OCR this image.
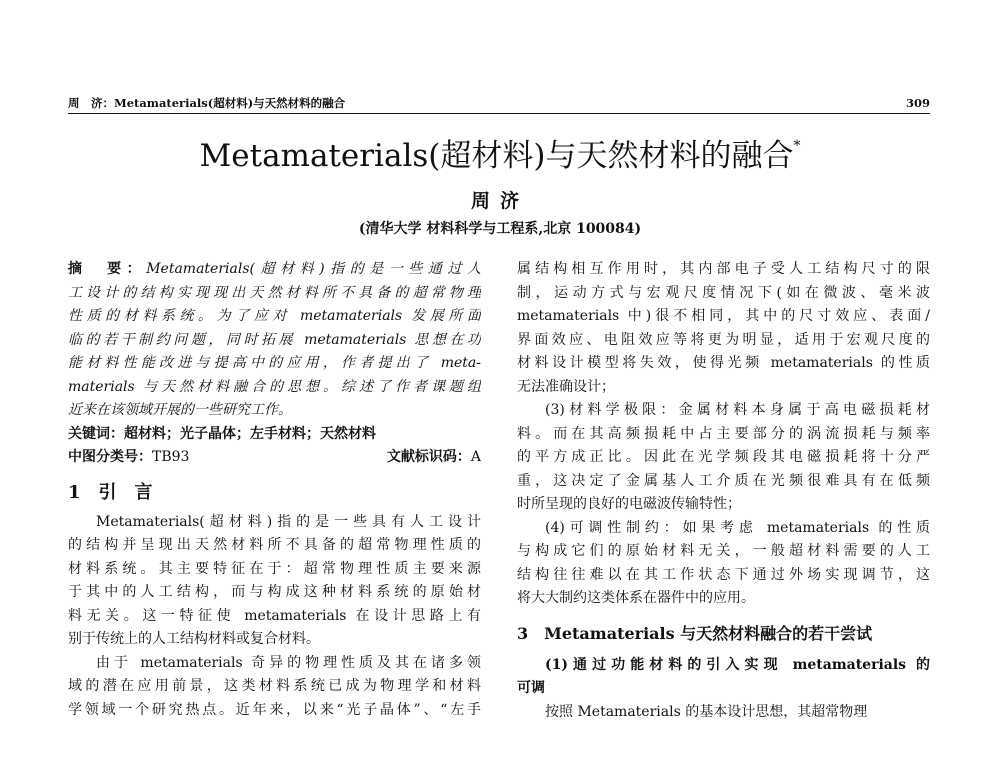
周　济：Metamaterials(超材料)与天然材料的融合	309
Metamaterials(超材料)与天然材料的融合*
周济
(清华大学 材料科学与工程系,北京 100084)
摘　要：Metamaterials(超材料)指的是一些通过人
工设计的结构实现现出天然材料所不具备的超常物理
性质的材料系统。为了应对 metamaterials 发展所面
临的若干制约问题，同时拓展 metamaterials 思想在功
能材料性能改进与提高中的应用，作者提出了 meta-
materials 与天然材料融合的思想。综述了作者课题组
近来在该领域开展的一些研究工作。
关键词：超材料；光子晶体；左手材料；天然材料
中图分类号：TB93	文献标识码：A
1　引　言
Metamaterials(超材料)指的是一些具有人工设计
的结构并呈现出天然材料所不具备的超常物理性质的
材料系统。其主要特征在于：超常物理性质主要来源
于其中的人工结构，而与构成这种材料系统的原始材
料无关。这一特征使 metamaterials 在设计思路上有
别于传统上的人工结构材料或复合材料。
由于 metamaterials 奇异的物理性质及其在诸多领
域的潜在应用前景，这类材料系统已成为物理学和材料
学领域一个研究热点。近年来，以来“光子晶体”、“左手
属结构相互作用时，其内部电子受人工结构尺寸的限
制，运动方式与宏观尺度情况下(如在微波、毫米波
metamaterials 中)很不相同，其中的尺寸效应、表面/
界面效应、电阻效应等将更为明显，适用于宏观尺度的
材料设计模型将失效，使得光频 metamaterials 的性质
无法准确设计；
(3)材料学极限：金属材料本身属于高电磁损耗材
料。而在其高频损耗中占主要部分的涡流损耗与频率
的平方成正比。因此在光学频段其电磁损耗将十分严
重，这决定了金属基人工介质在光频很难具有在低频
时所呈现的良好的电磁波传输特性；
(4)可调性制约：如果考虑 metamaterials 的性质
与构成它们的原始材料无关，一般超材料需要的人工
结构往往难以在其工作状态下通过外场实现调节，这
将大大制约这类体系在器件中的应用。
3　Metamaterials 与天然材料融合的若干尝试
(1)通过功能材料的引入实现 metamaterials 的
可调
按照 Metamaterials 的基本设计思想，其超常物理
